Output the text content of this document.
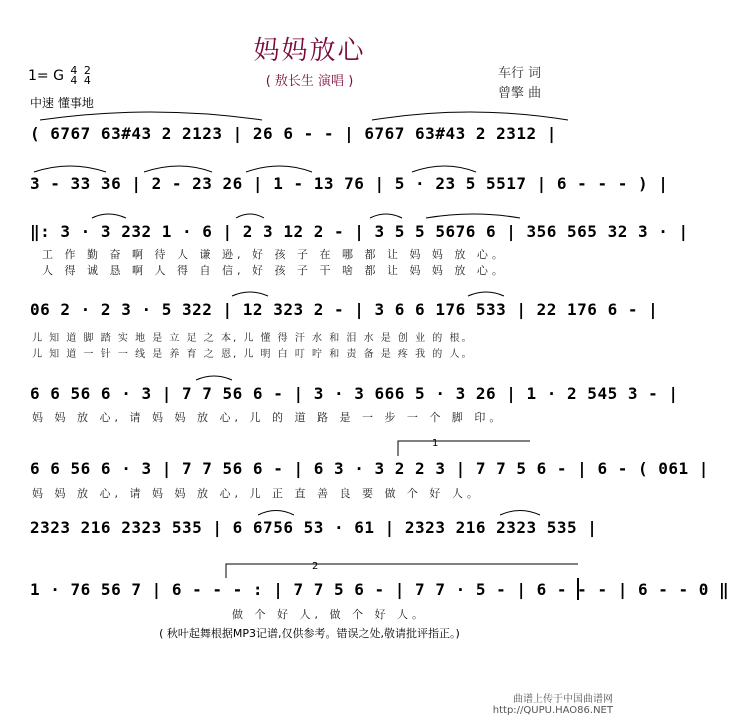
妈妈放心
( 敖长生 演唱 )
车行 词
曾擎 曲
1= G 4
4 2
4
中速 懂事地
( 6767 63#43 2 2123 | 26 6 - - | 6767 63#43 2 2312 |
3 - 33 36 | 2 - 23 26 | 1 - 13 76 | 5 · 23 5 5517 | 6 - - - ) |
‖: 3 · 3 232 1 · 6 | 2 3 12 2 - | 3 5 5 5676 6 | 356 565 32 3 · |
工 作 勤 奋 啊 待 人 谦 逊, 好 孩 子 在 哪 都 让 妈 妈 放 心。
人 得 诚 恳 啊 人 得 自 信, 好 孩 子 干 啥 都 让 妈 妈 放 心。
06 2 · 2 3 · 5 322 | 12 323 2 - | 3 6 6 176 533 | 22 176 6 - |
儿 知 道 脚 踏 实 地 是 立 足 之 本, 儿 懂 得 汗 水 和 泪 水 是 创 业 的 根。
儿 知 道 一 针 一 线 是 养 育 之 恩, 儿 明 白 叮 咛 和 责 备 是 疼 我 的 人。
6 6 56 6 · 3 | 7 7 56 6 - | 3 · 3 666 5 · 3 26 | 1 · 2 545 3 - |
妈 妈 放 心, 请 妈 妈 放 心, 儿 的 道 路 是 一 步 一 个 脚 印。
6 6 56 6 · 3 | 7 7 56 6 - | 6 3 · 3 2 2 3 | 7 7 5 6 - | 6 - ( 061 |
妈 妈 放 心, 请 妈 妈 放 心, 儿 正 直 善 良 要 做 个 好 人。
2323 216 2323 535 | 6 6756 53 · 61 | 2323 216 2323 535 |
1 · 76 56 7 | 6 - - - : | 7 7 5 6 - | 7 7 · 5 - | 6 - - - | 6 - - 0 ‖
做 个 好 人, 做 个 好 人。
1
2
( 秋叶起舞根据MP3记谱,仅供参考。错误之处,敬请批评指正。)
曲谱上传于中国曲谱网
http://QUPU.HAO86.NET
